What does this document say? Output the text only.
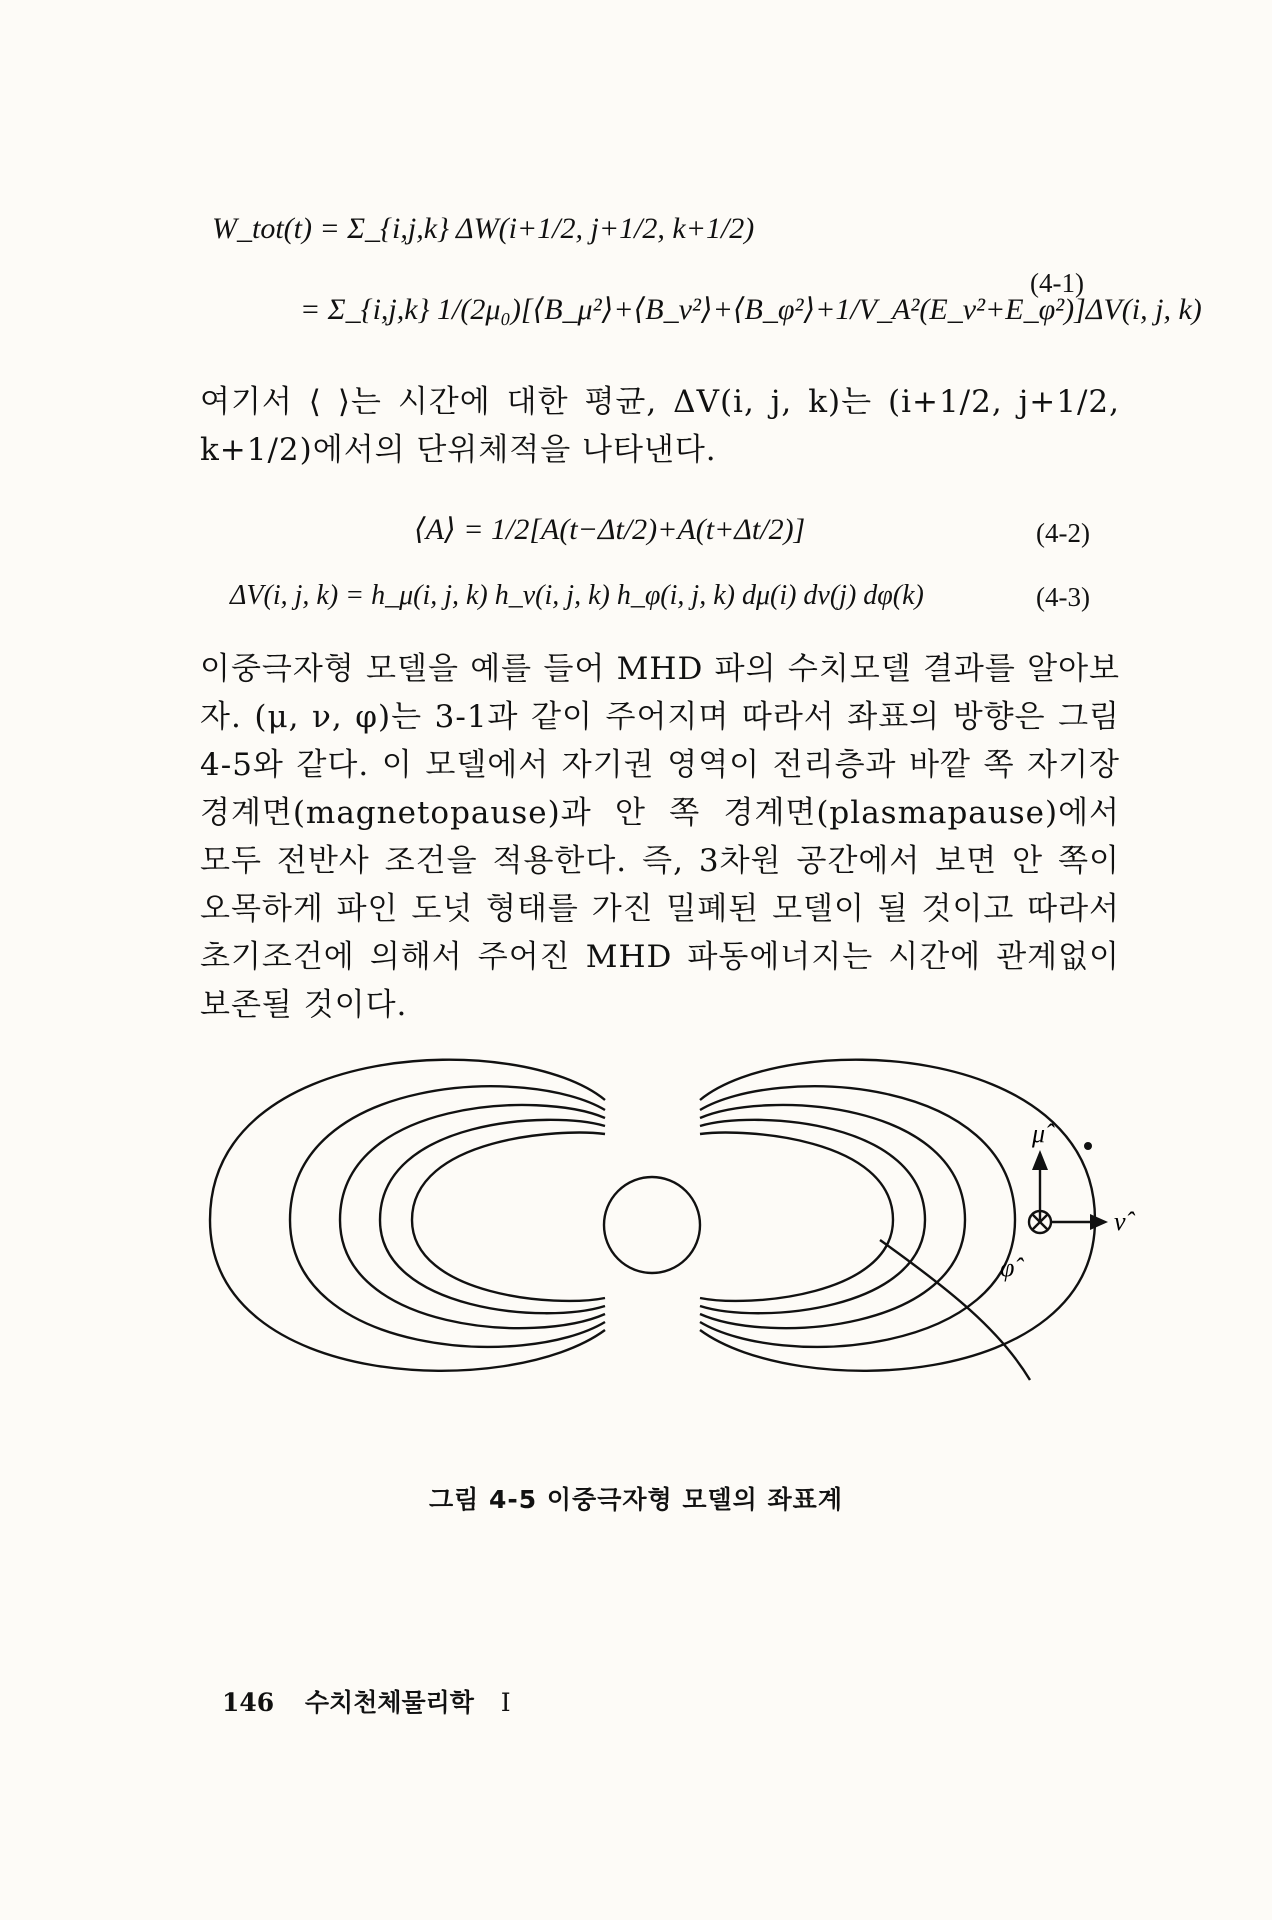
W_tot(t) = Σ_{i,j,k} ΔW(i+1/2, j+1/2, k+1/2)
= Σ_{i,j,k} 1/(2μ₀)[⟨B_μ²⟩+⟨B_ν²⟩+⟨B_φ²⟩+1/V_A²(E_ν²+E_φ²)]ΔV(i, j, k)
(4-1)
여기서 ⟨ ⟩는 시간에 대한 평균, ΔV(i, j, k)는 (i+1/2, j+1/2, k+1/2)에서의 단위체적을 나타낸다.
⟨A⟩ = 1/2[A(t−Δt/2)+A(t+Δt/2)]	(4-2)
ΔV(i, j, k) = h_μ(i, j, k) h_ν(i, j, k) h_φ(i, j, k) dμ(i) dν(j) dφ(k)	(4-3)
이중극자형 모델을 예를 들어 MHD 파의 수치모델 결과를 알아보자. (μ, ν, φ)는 3-1과 같이 주어지며 따라서 좌표의 방향은 그림 4-5와 같다. 이 모델에서 자기권 영역이 전리층과 바깥 쪽 자기장 경계면(magnetopause)과 안 쪽 경계면(plasmapause)에서 모두 전반사 조건을 적용한다. 즉, 3차원 공간에서 보면 안 쪽이 오목하게 파인 도넛 형태를 가진 밀폐된 모델이 될 것이고 따라서 초기조건에 의해서 주어진 MHD 파동에너지는 시간에 관계없이 보존될 것이다.
μ̂
ν̂
φ̂
그림 4-5 이중극자형 모델의 좌표계
146 수치천체물리학 I
